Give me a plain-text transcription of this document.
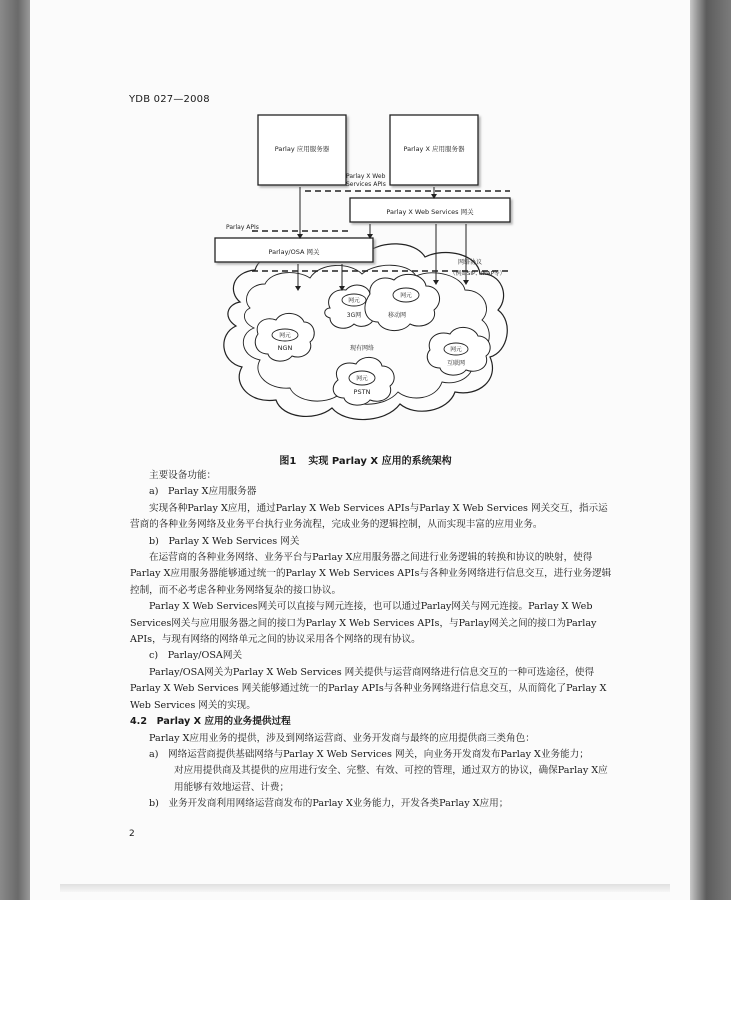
YDB 027—2008
Parlay 应用服务器	Parlay X 应用服务器
Parlay X Web Services 网关
Parlay/OSA 网关
Parlay X Web
Services APIs
Parlay APIs
网络协议
（例如SIP、INAP等）
网元
3G网
网元
移动网
网元
NGN	现有网络
网元
PSTN
网元
互联网
图1 实现 Parlay X 应用的系统架构

主要设备功能：

a)　Parlay X应用服务器

实现各种Parlay X应用，通过Parlay X Web Services APIs与Parlay X Web Services 网关交互，指示运营商的各种业务网络及业务平台执行业务流程，完成业务的逻辑控制，从而实现丰富的应用业务。

b)　Parlay X Web Services 网关

在运营商的各种业务网络、业务平台与Parlay X应用服务器之间进行业务逻辑的转换和协议的映射，使得Parlay X应用服务器能够通过统一的Parlay X Web Services APIs与各种业务网络进行信息交互，进行业务逻辑控制，而不必考虑各种业务网络复杂的接口协议。

Parlay X Web Services网关可以直接与网元连接，也可以通过Parlay网关与网元连接。Parlay X Web Services网关与应用服务器之间的接口为Parlay X Web Services APIs，与Parlay网关之间的接口为Parlay APIs，与现有网络的网络单元之间的协议采用各个网络的现有协议。

c)　Parlay/OSA网关

Parlay/OSA网关为Parlay X Web Services 网关提供与运营商网络进行信息交互的一种可选途径，使得Parlay X Web Services 网关能够通过统一的Parlay APIs与各种业务网络进行信息交互，从而简化了Parlay X Web Services 网关的实现。

4.2　Parlay X 应用的业务提供过程

Parlay X应用业务的提供，涉及到网络运营商、业务开发商与最终的应用提供商三类角色：

a)　网络运营商提供基础网络与Parlay X Web Services 网关，向业务开发商发布Parlay X业务能力；

对应用提供商及其提供的应用进行安全、完整、有效、可控的管理，通过双方的协议，确保Parlay X应用能够有效地运营、计费；

b)　业务开发商利用网络运营商发布的Parlay X业务能力，开发各类Parlay X应用；

2
